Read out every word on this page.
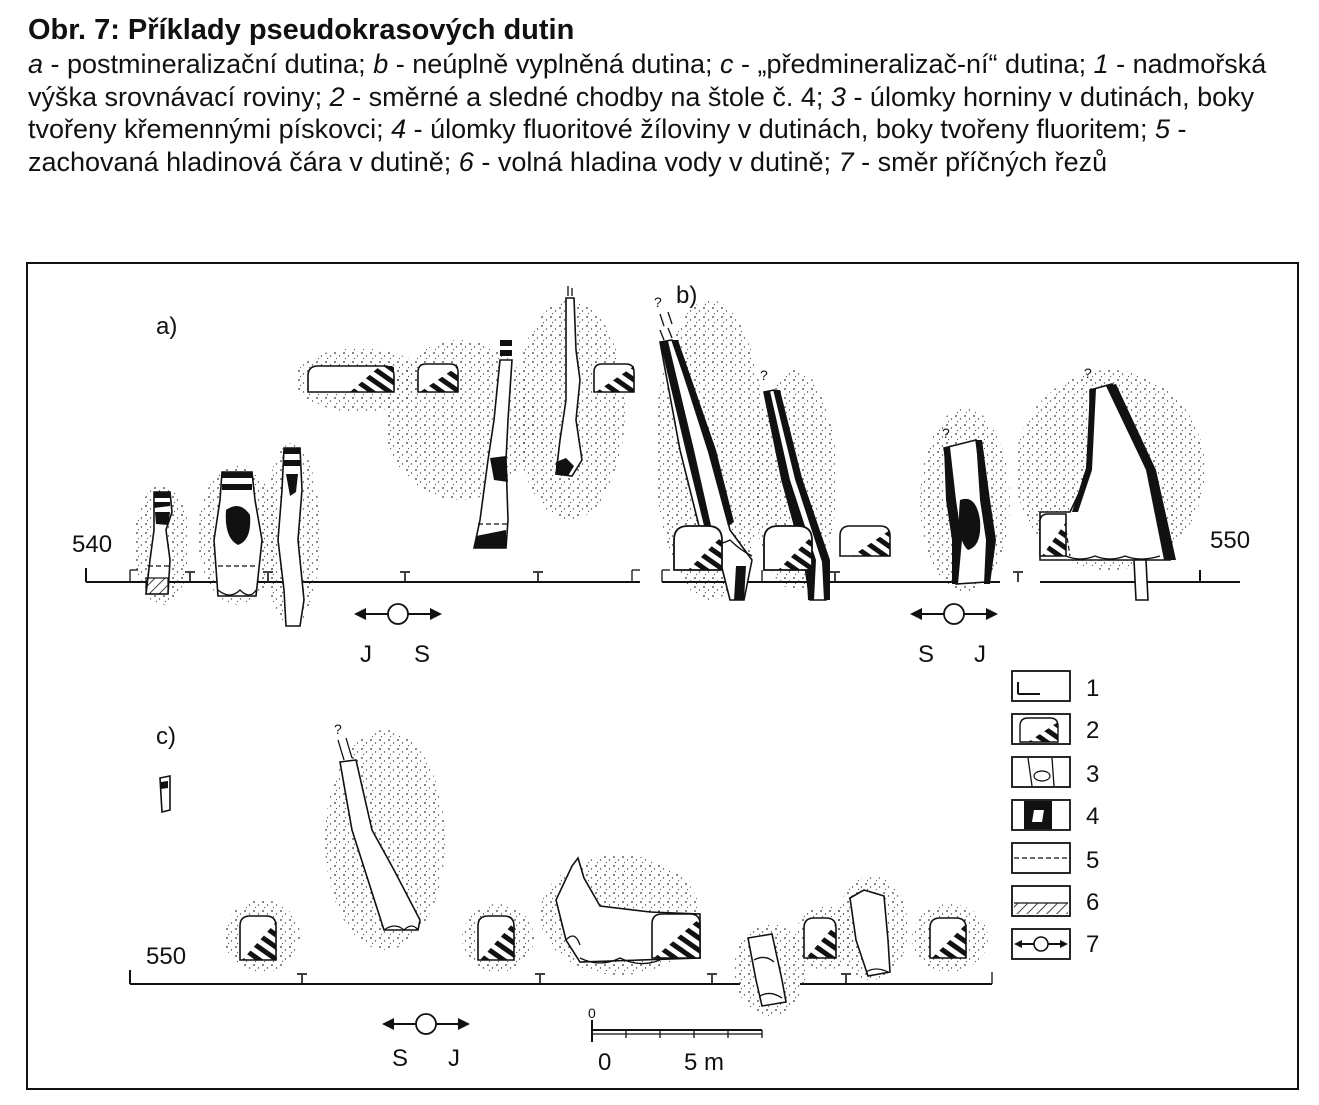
Obr. 7: Příklady pseudokrasových dutin
a - postmineralizační dutina; b - neúplně vyplněná dutina; c - „předmineralizač-ní“ dutina; 1 - nadmořská výška srovnávací roviny; 2 - směrné a sledné chodby na štole č. 4; 3 - úlomky horniny v dutinách, boky tvořeny křemennými pískovci; 4 - úlomky fluoritové žíloviny v dutinách, boky tvořeny fluoritem; 5 - zachovaná hladinová čára v dutině; 6 - volná hladina vody v dutině; 7 - směr příčných řezů
a)
540
J S
b)
550
?
?
?
?
S J
c)
550
?
S J
0
0	5 m
1
2
3
4
5
6
7
